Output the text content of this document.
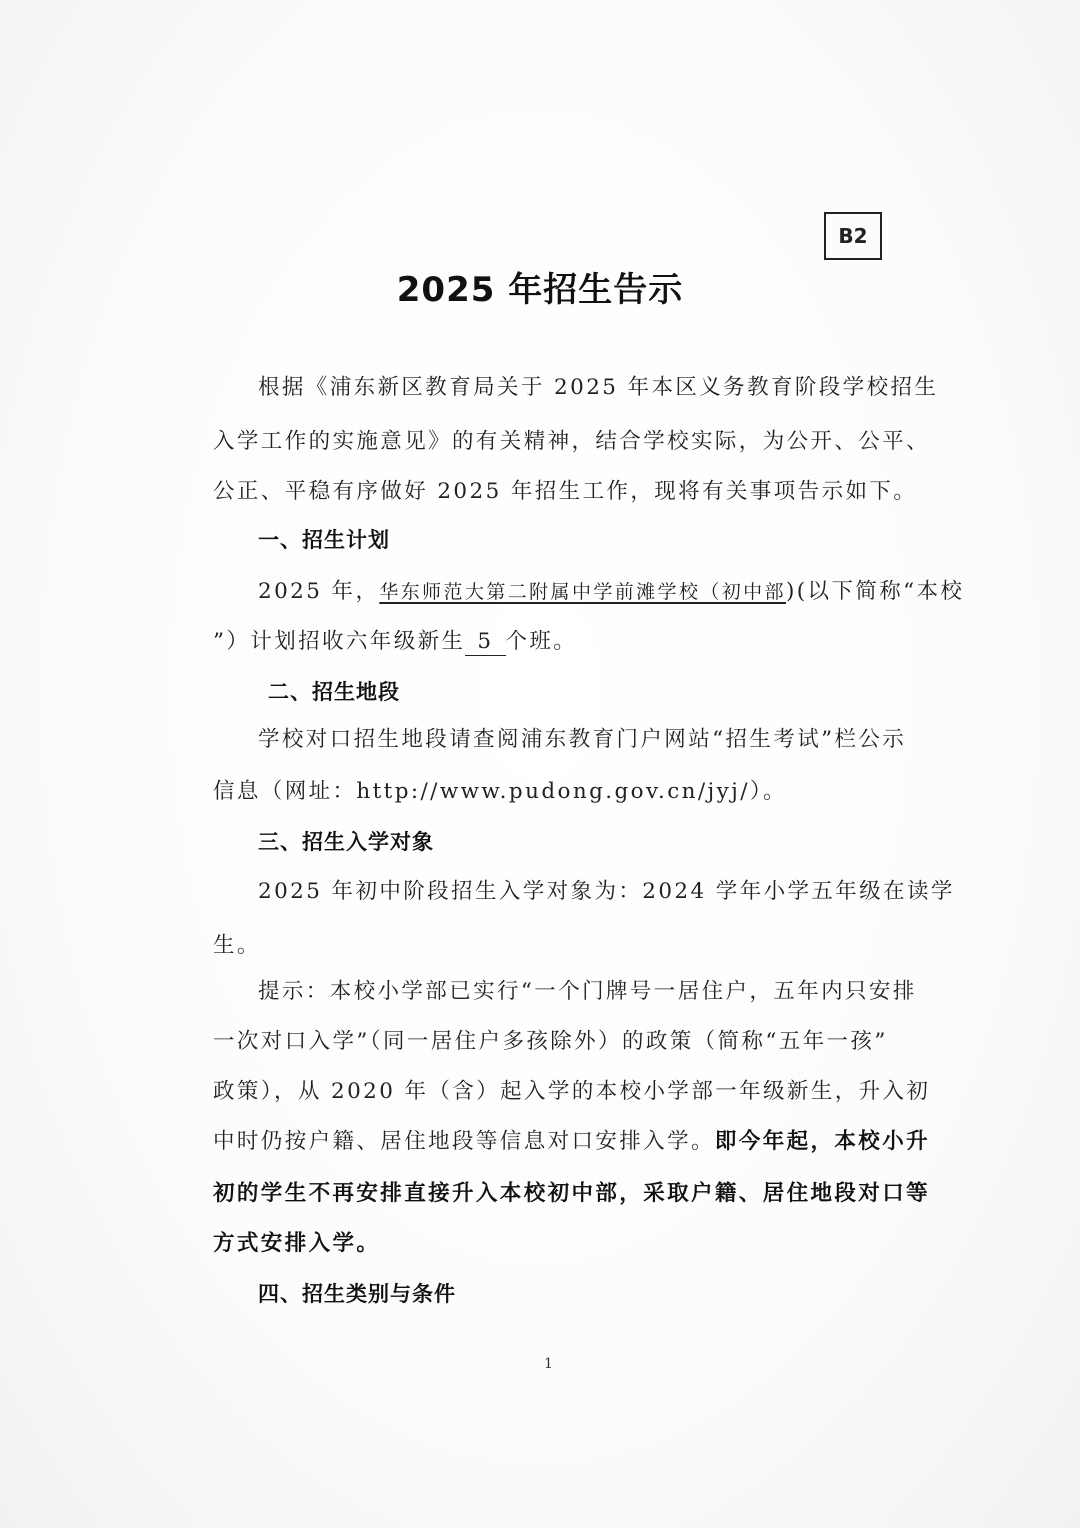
B2
2025 年招生告示
根据《浦东新区教育局关于 2025 年本区义务教育阶段学校招生
入学工作的实施意见》的有关精神，结合学校实际，为公开、公平、
公正、平稳有序做好 2025 年招生工作，现将有关事项告示如下。
一、招生计划
2025 年，华东师范大第二附属中学前滩学校（初中部)(以下简称“本校
”）计划招收六年级新生 5 个班。
二、招生地段
学校对口招生地段请查阅浦东教育门户网站“招生考试”栏公示
信息（网址：http://www.pudong.gov.cn/jyj/）。
三、招生入学对象
2025 年初中阶段招生入学对象为：2024 学年小学五年级在读学
生。
提示：本校小学部已实行“一个门牌号一居住户，五年内只安排
一次对口入学”（同一居住户多孩除外）的政策（简称“五年一孩”
政策），从 2020 年（含）起入学的本校小学部一年级新生，升入初
中时仍按户籍、居住地段等信息对口安排入学。即今年起，本校小升
初的学生不再安排直接升入本校初中部，采取户籍、居住地段对口等
方式安排入学。
四、招生类别与条件
1
